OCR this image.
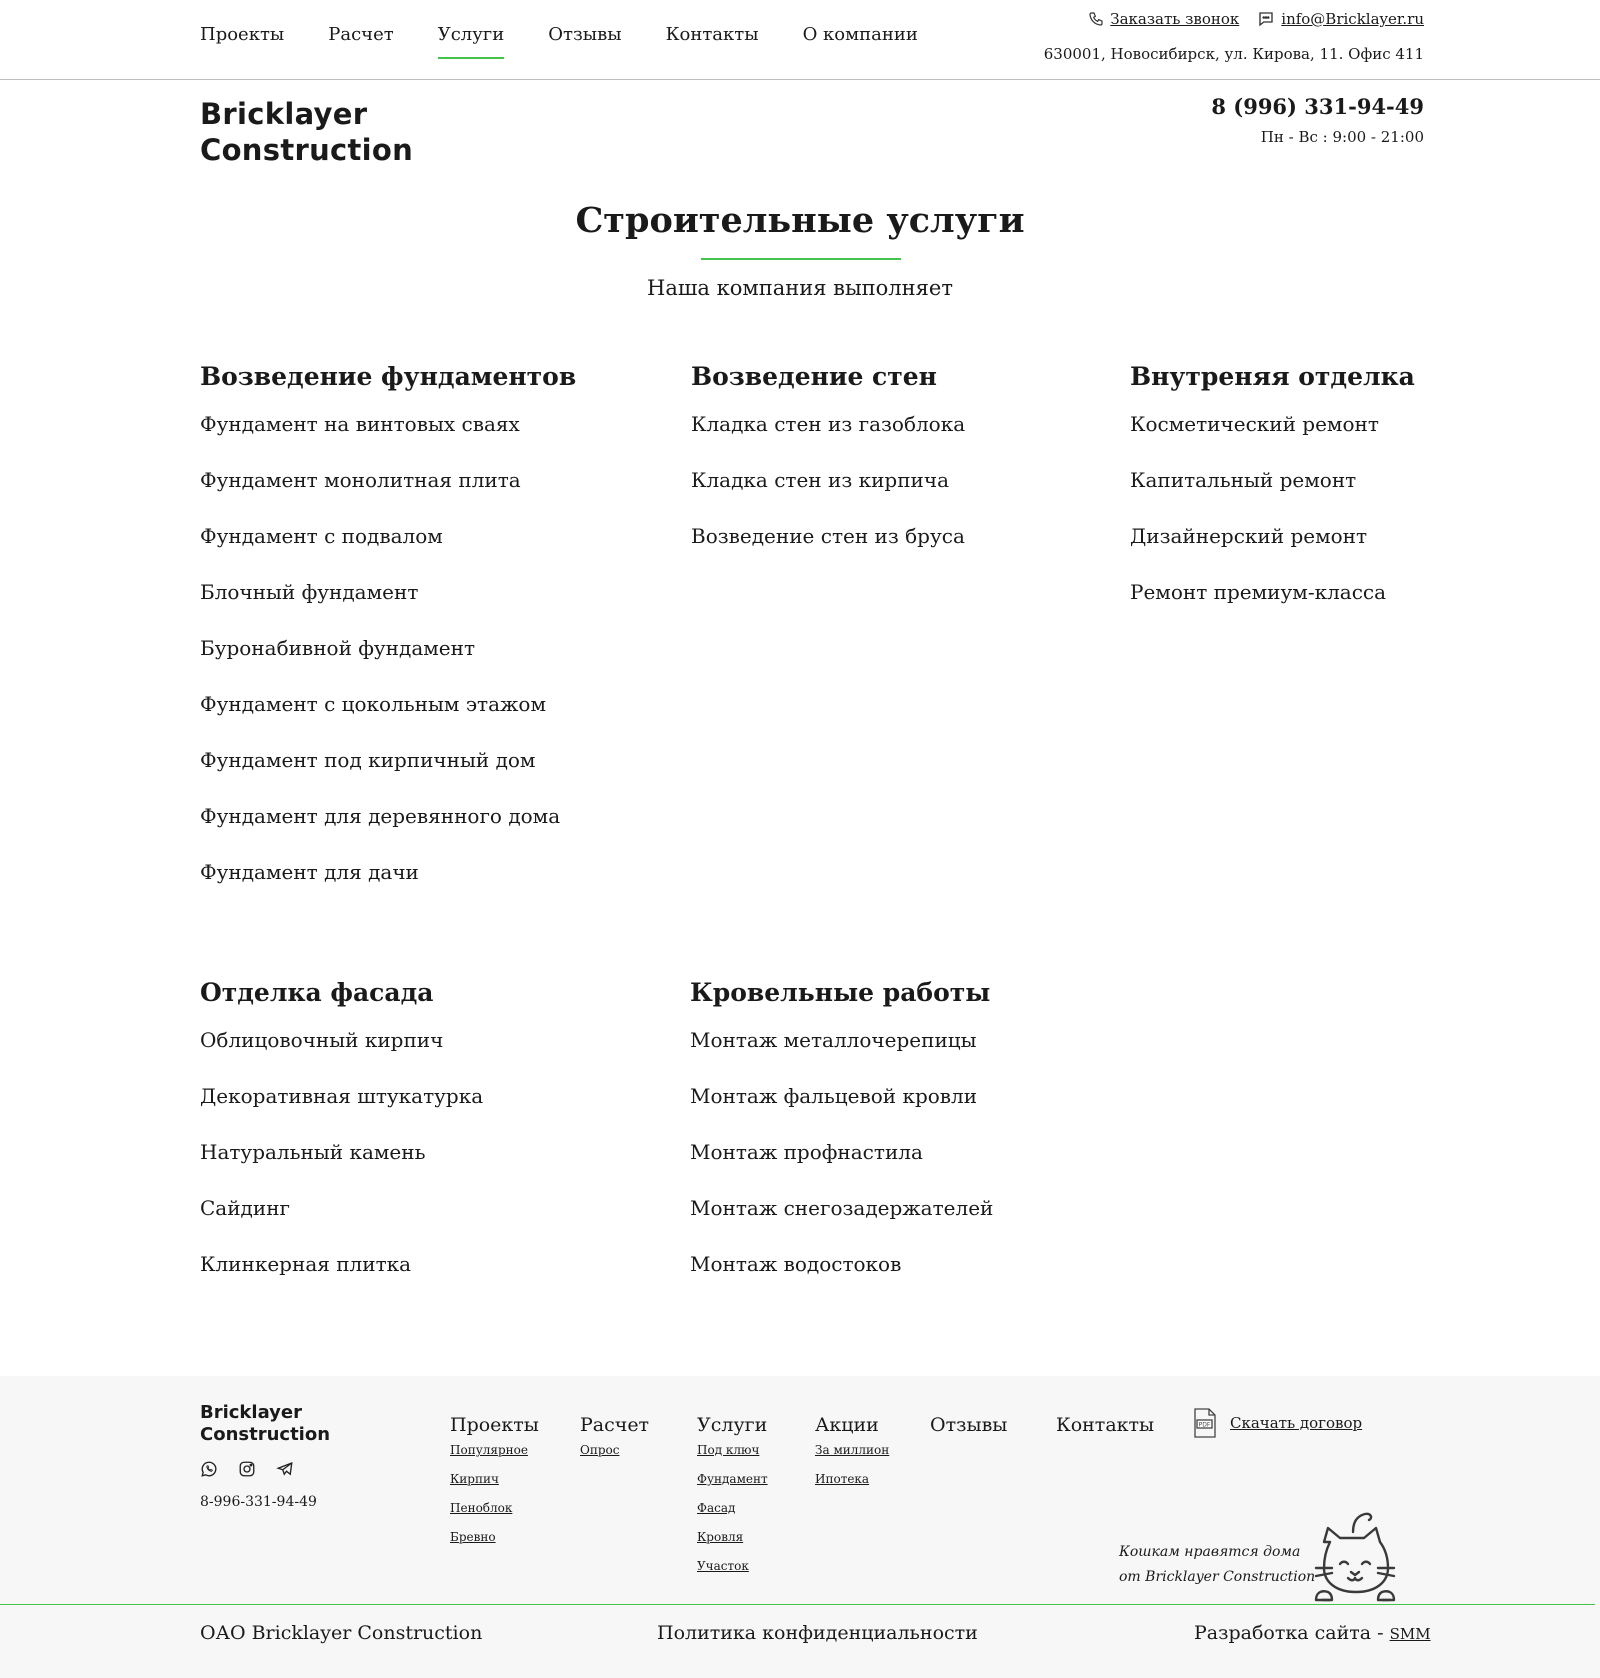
Проекты Расчет Услуги Отзывы Контакты О компании
Заказать звонок	info@Bricklayer.ru
630001, Новосибирск, ул. Кирова, 11. Офис 411
Bricklayer
Construction
8 (996) 331-94-49
Пн - Вс : 9:00 - 21:00
Строительные услуги
Наша компания выполняет
Возведение фундаментов
Фундамент на винтовых сваях
Фундамент монолитная плита
Фундамент с подвалом
Блочный фундамент
Буронабивной фундамент
Фундамент с цокольным этажом
Фундамент под кирпичный дом
Фундамент для деревянного дома
Фундамент для дачи
Возведение стен
Кладка стен из газоблока
Кладка стен из кирпича
Возведение стен из бруса
Внутреняя отделка
Косметический ремонт
Капитальный ремонт
Дизайнерский ремонт
Ремонт премиум-класса
Отделка фасада
Облицовочный кирпич
Декоративная штукатурка
Натуральный камень
Сайдинг
Клинкерная плитка
Кровельные работы
Монтаж металлочерепицы
Монтаж фальцевой кровли
Монтаж профнастила
Монтаж снегозадержателей
Монтаж водостоков
Bricklayer
Construction
8-996-331-94-49
Проекты
Популярное
Кирпич
Пеноблок
Бревно
Расчет
Опрос
Услуги
Под ключ
Фундамент
Фасад
Кровля
Участок
Акции
За миллион
Ипотека
Отзывы	Контакты	PDF Скачать договор
Кошкам нравятся дома
от Bricklayer Construction
ОАО Bricklayer Construction	Политика конфиденциальности	Разработка сайта - SMM
